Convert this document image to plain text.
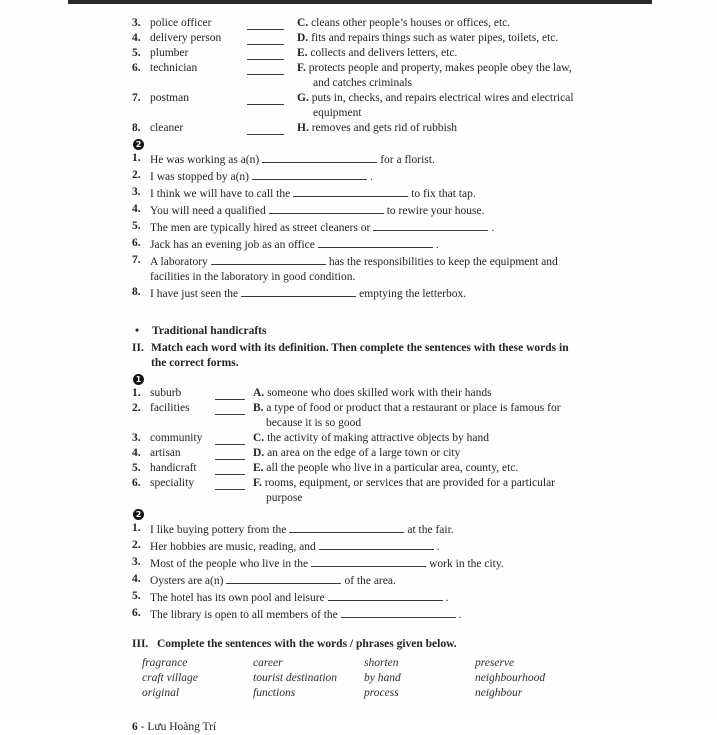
3. police officer	C. cleans other people’s houses or offices, etc.
4. delivery person	D. fits and repairs things such as water pipes, toilets, etc.
5. plumber	E. collects and delivers letters, etc.
6. technician	F. protects people and property, makes people obey the law,
and catches criminals
7. postman	G. puts in, checks, and repairs electrical wires and electrical
equipment
8. cleaner	H. removes and gets rid of rubbish
2
1. He was working as a(n)	for a florist.
2. I was stopped by a(n)	.
3. I think we will have to call the	to fix that tap.
4. You will need a qualified	to rewire your house.
5. The men are typically hired as street cleaners or	.
6. Jack has an evening job as an office	.
7. A laboratory	has the responsibilities to keep the equipment and
facilities in the laboratory in good condition.
8. I have just seen the	emptying the letterbox.
•	Traditional handicrafts
II. Match each word with its definition. Then complete the sentences with these words in
the correct forms.
1
1. suburb	A. someone who does skilled work with their hands
2. facilities	B. a type of food or product that a restaurant or place is famous for
because it is so good
3. community	C. the activity of making attractive objects by hand
4. artisan	D. an area on the edge of a large town or city
5. handicraft	E. all the people who live in a particular area, county, etc.
6. speciality	F. rooms, equipment, or services that are provided for a particular
purpose
2
1. I like buying pottery from the	at the fair.
2. Her hobbies are music, reading, and	.
3. Most of the people who live in the	work in the city.
4. Oysters are a(n)	of the area.
5. The hotel has its own pool and leisure	.
6. The library is open to all members of the	.
III. Complete the sentences with the words / phrases given below.
fragrance	career	shorten	preserve
craft village	tourist destination	by hand	neighbourhood
original	functions	process	neighbour
6 - Lưu Hoàng Trí
